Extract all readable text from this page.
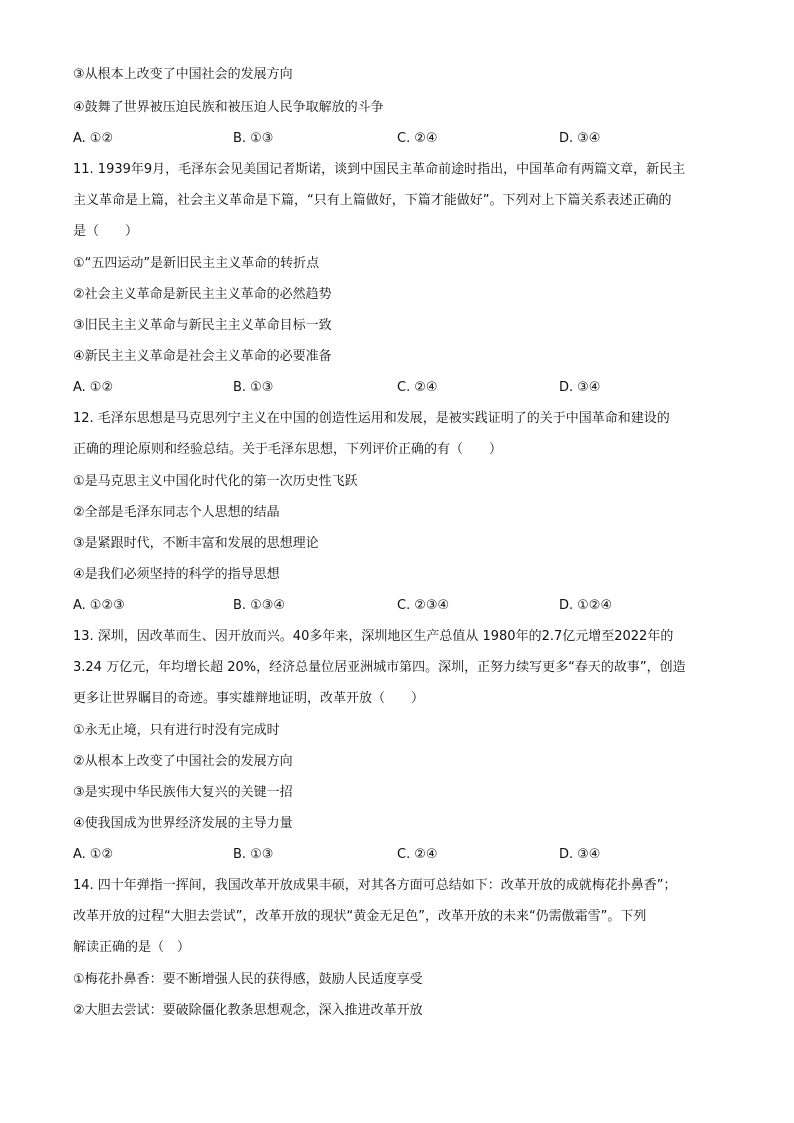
③从根本上改变了中国社会的发展方向
④鼓舞了世界被压迫民族和被压迫人民争取解放的斗争
A. ①②	B. ①③	C. ②④	D. ③④
11. 1939年9月，毛泽东会见美国记者斯诺，谈到中国民主革命前途时指出，中国革命有两篇文章，新民主
主义革命是上篇，社会主义革命是下篇，“只有上篇做好，下篇才能做好”。下列对上下篇关系表述正确的
是（　　）
①“五四运动”是新旧民主主义革命的转折点
②社会主义革命是新民主主义革命的必然趋势
③旧民主主义革命与新民主主义革命目标一致
④新民主主义革命是社会主义革命的必要准备
A. ①②	B. ①③	C. ②④	D. ③④
12. 毛泽东思想是马克思列宁主义在中国的创造性运用和发展，是被实践证明了的关于中国革命和建设的
正确的理论原则和经验总结。关于毛泽东思想，下列评价正确的有（　　）
①是马克思主义中国化时代化的第一次历史性飞跃
②全部是毛泽东同志个人思想的结晶
③是紧跟时代，不断丰富和发展的思想理论
④是我们必须坚持的科学的指导思想
A. ①②③	B. ①③④	C. ②③④	D. ①②④
13. 深圳，因改革而生、因开放而兴。40多年来，深圳地区生产总值从 1980年的2.7亿元增至2022年的
3.24 万亿元，年均增长超 20%，经济总量位居亚洲城市第四。深圳，正努力续写更多“春天的故事”，创造
更多让世界瞩目的奇迹。事实雄辩地证明，改革开放（　　）
①永无止境，只有进行时没有完成时
②从根本上改变了中国社会的发展方向
③是实现中华民族伟大复兴的关键一招
④使我国成为世界经济发展的主导力量
A. ①②	B. ①③	C. ②④	D. ③④
14. 四十年弹指一挥间，我国改革开放成果丰硕，对其各方面可总结如下：改革开放的成就梅花扑鼻香”；
改革开放的过程“大胆去尝试”，改革开放的现状“黄金无足色”，改革开放的未来“仍需傲霜雪”。下列
解读正确的是（　）
①梅花扑鼻香：要不断增强人民的获得感，鼓励人民适度享受
②大胆去尝试：要破除僵化教条思想观念，深入推进改革开放
